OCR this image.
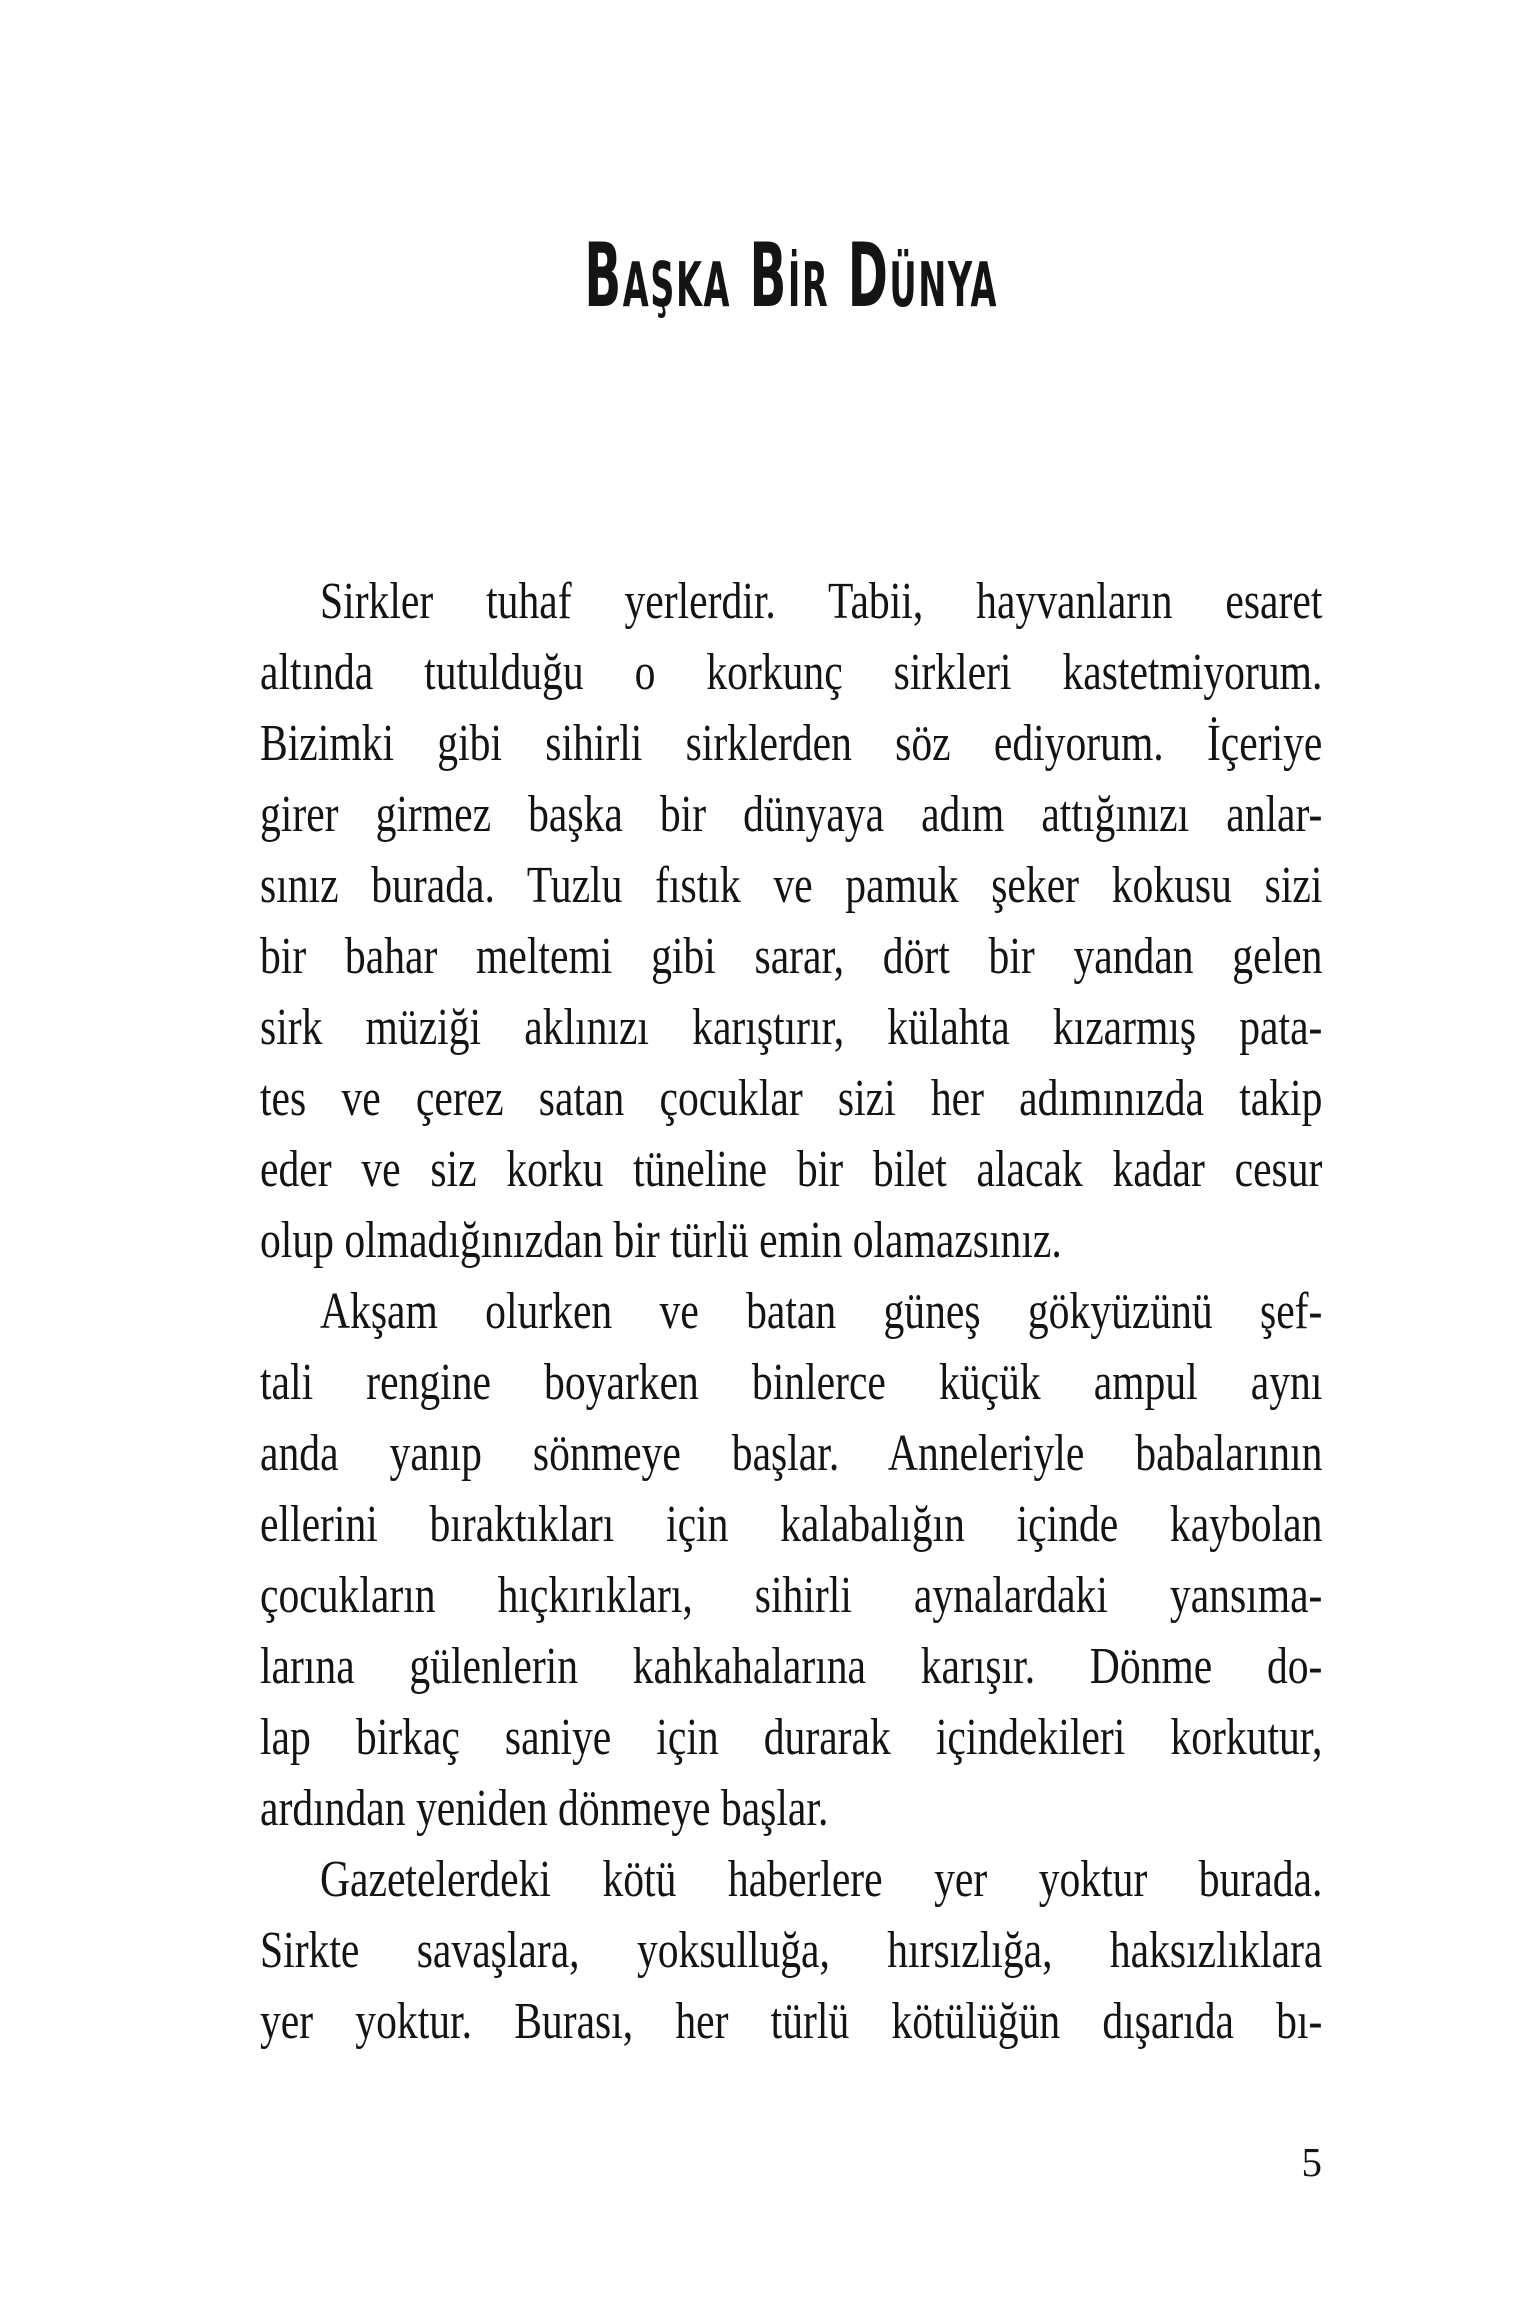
Başka Bir Dünya
Sirkler tuhaf yerlerdir. Tabii, hayvanların esaret
altında tutulduğu o korkunç sirkleri kastetmiyorum.
Bizimki gibi sihirli sirklerden söz ediyorum. İçeriye
girer girmez başka bir dünyaya adım attığınızı anlar-
sınız burada. Tuzlu fıstık ve pamuk şeker kokusu sizi
bir bahar meltemi gibi sarar, dört bir yandan gelen
sirk müziği aklınızı karıştırır, külahta kızarmış pata-
tes ve çerez satan çocuklar sizi her adımınızda takip
eder ve siz korku tüneline bir bilet alacak kadar cesur
olup olmadığınızdan bir türlü emin olamazsınız.
Akşam olurken ve batan güneş gökyüzünü şef-
tali rengine boyarken binlerce küçük ampul aynı
anda yanıp sönmeye başlar. Anneleriyle babalarının
ellerini bıraktıkları için kalabalığın içinde kaybolan
çocukların hıçkırıkları, sihirli aynalardaki yansıma-
larına gülenlerin kahkahalarına karışır. Dönme do-
lap birkaç saniye için durarak içindekileri korkutur,
ardından yeniden dönmeye başlar.
Gazetelerdeki kötü haberlere yer yoktur burada.
Sirkte savaşlara, yoksulluğa, hırsızlığa, haksızlıklara
yer yoktur. Burası, her türlü kötülüğün dışarıda bı-
5
